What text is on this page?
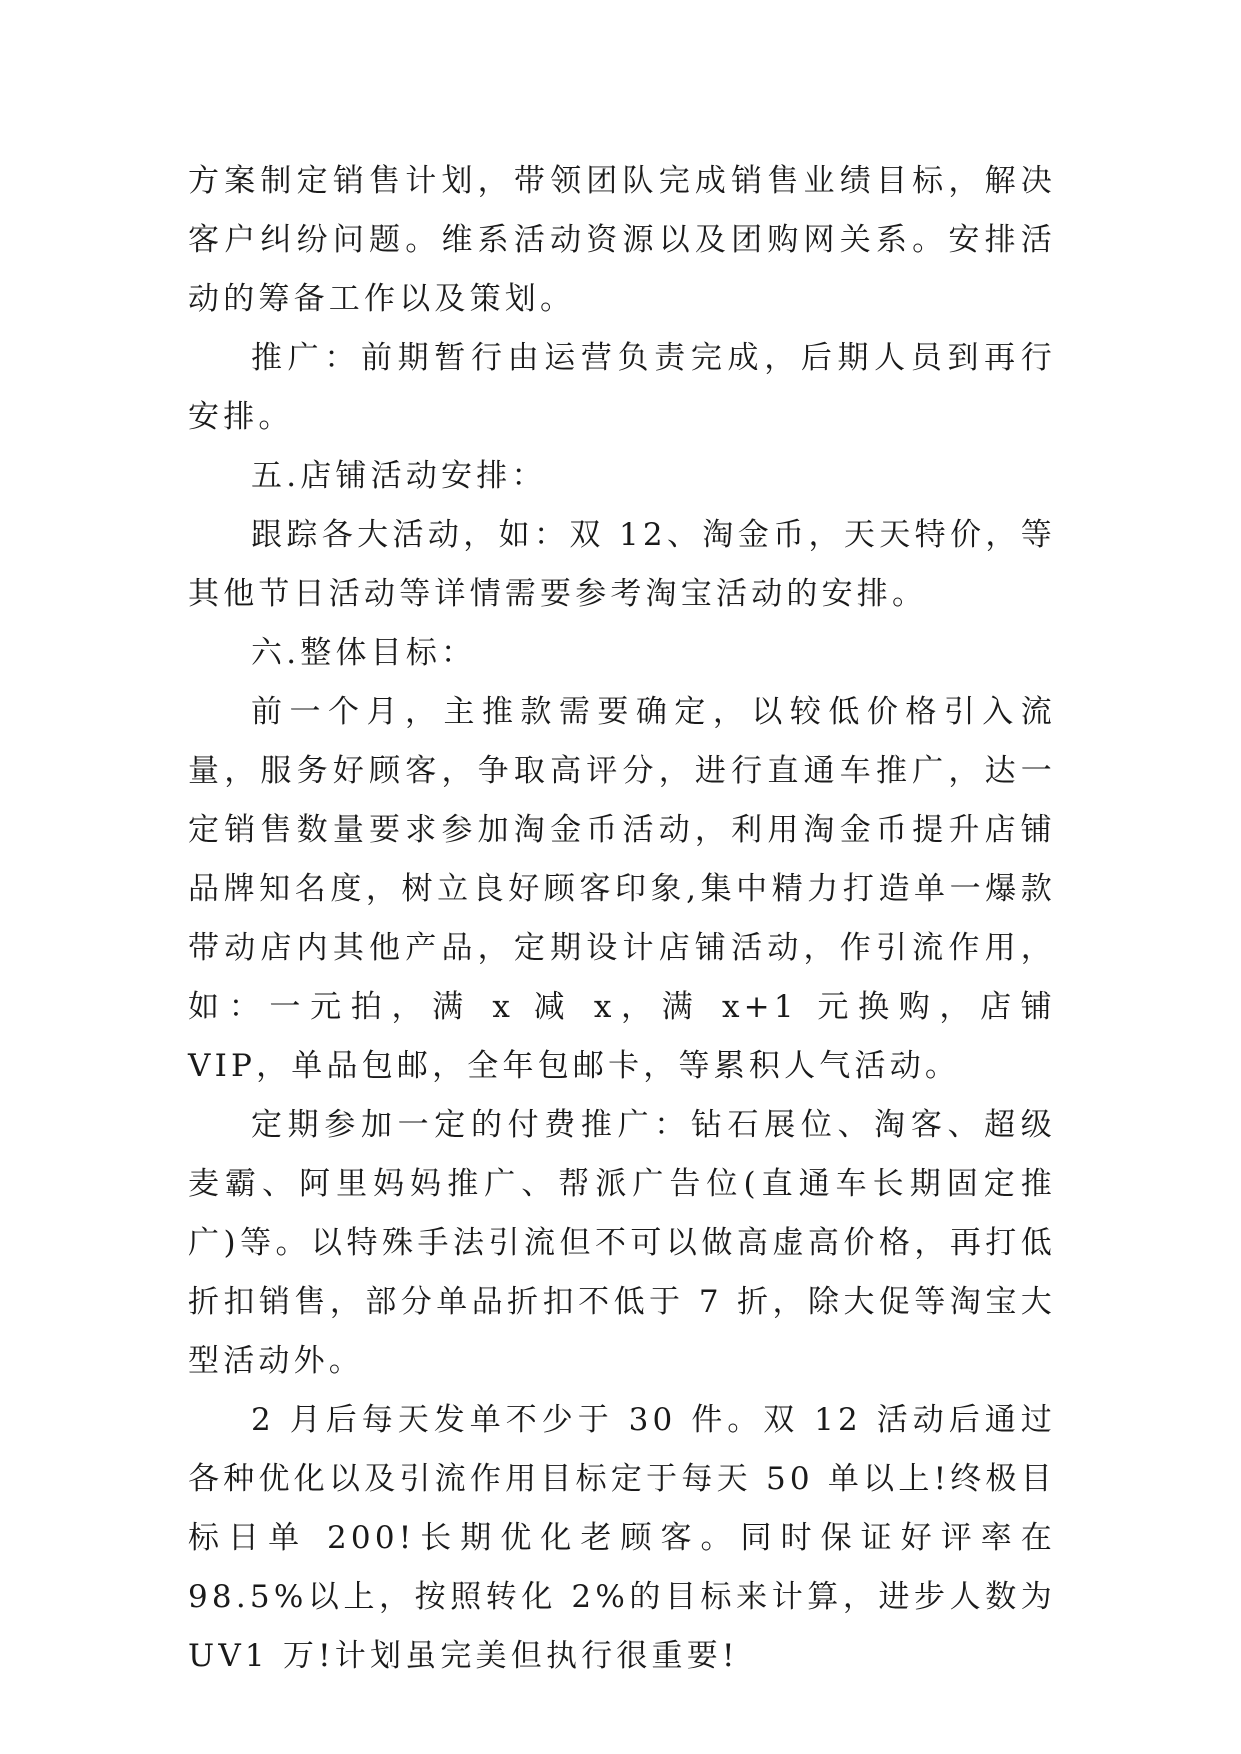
方案制定销售计划，带领团队完成销售业绩目标，解决客户纠纷问题。维系活动资源以及团购网关系。安排活动的筹备工作以及策划。

推广：前期暂行由运营负责完成，后期人员到再行安排。

五.店铺活动安排：

跟踪各大活动，如：双 12、淘金币，天天特价，等其他节日活动等详情需要参考淘宝活动的安排。

六.整体目标：

前一个月，主推款需要确定，以较低价格引入流量，服务好顾客，争取高评分，进行直通车推广，达一定销售数量要求参加淘金币活动，利用淘金币提升店铺品牌知名度，树立良好顾客印象,集中精力打造单一爆款带动店内其他产品，定期设计店铺活动，作引流作用，如：一元拍，满 x 减 x，满 x+1 元换购，店铺 VIP，单品包邮，全年包邮卡，等累积人气活动。

定期参加一定的付费推广：钻石展位、淘客、超级麦霸、阿里妈妈推广、帮派广告位(直通车长期固定推广)等。以特殊手法引流但不可以做高虚高价格，再打低折扣销售，部分单品折扣不低于 7 折，除大促等淘宝大型活动外。

2 月后每天发单不少于 30 件。双 12 活动后通过各种优化以及引流作用目标定于每天 50 单以上!终极目标日单 200!长期优化老顾客。同时保证好评率在 98.5%以上，按照转化 2%的目标来计算，进步人数为 UV1 万!计划虽完美但执行很重要!
